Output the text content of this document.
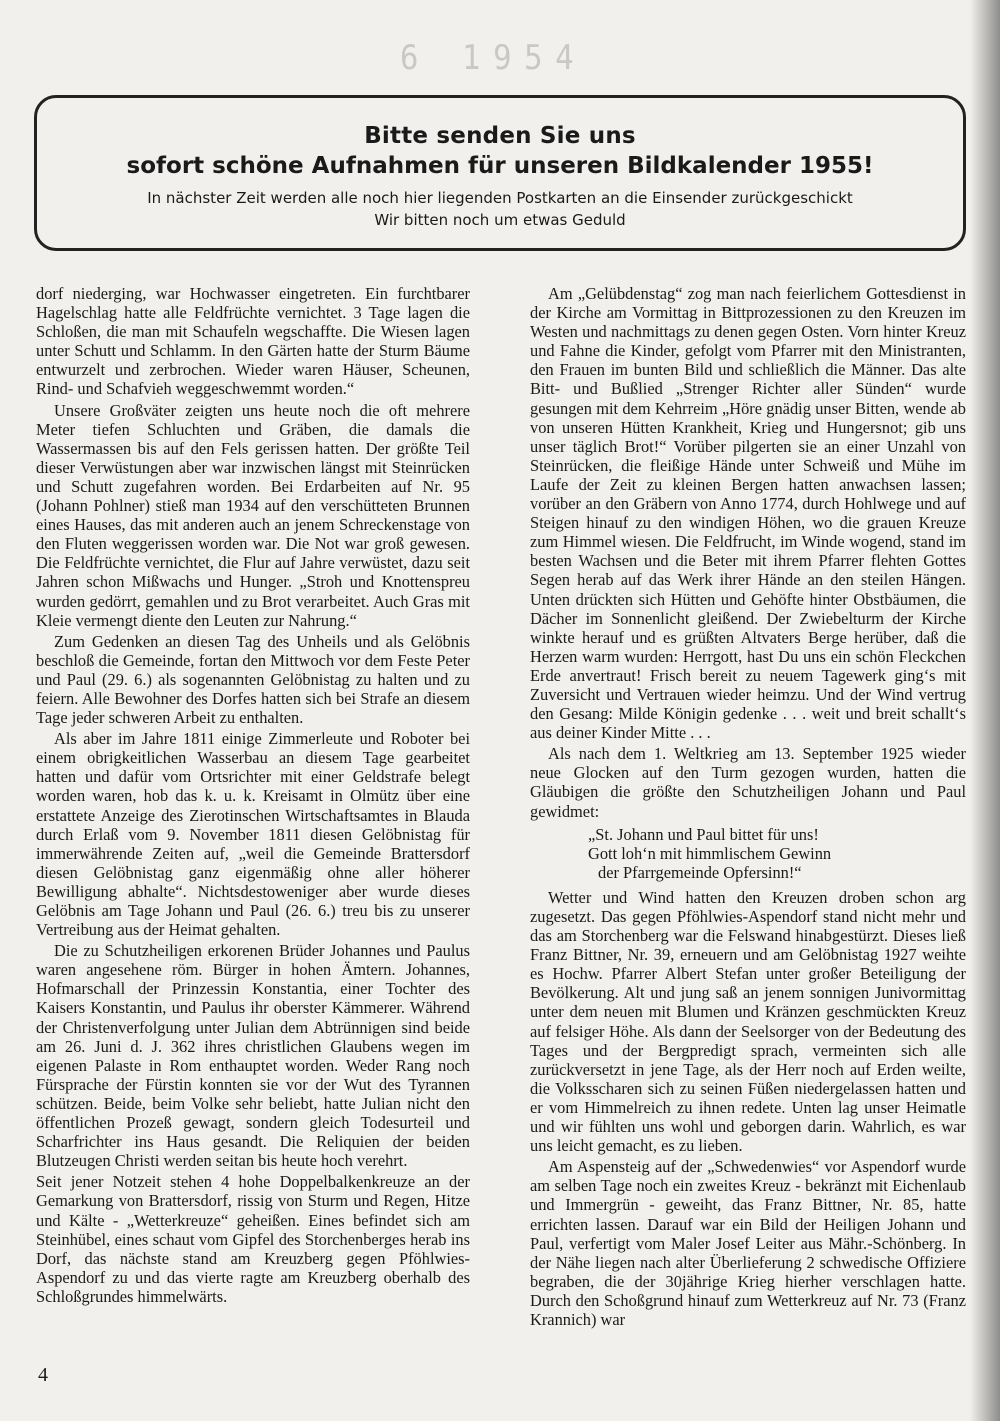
6 1954

Bitte senden Sie uns

sofort schöne Aufnahmen für unseren Bildkalender 1955!

In nächster Zeit werden alle noch hier liegenden Postkarten an die Einsender zurückgeschickt

Wir bitten noch um etwas Geduld

dorf niederging, war Hochwasser eingetreten. Ein furchtbarer Hagelschlag hatte alle Feldfrüchte vernichtet. 3 Tage lagen die Schloßen, die man mit Schaufeln wegschaffte. Die Wiesen lagen unter Schutt und Schlamm. In den Gärten hatte der Sturm Bäume entwurzelt und zerbrochen. Wieder waren Häuser, Scheunen, Rind- und Schafvieh weggeschwemmt worden.“

Unsere Großväter zeigten uns heute noch die oft mehrere Meter tiefen Schluchten und Gräben, die damals die Wassermassen bis auf den Fels gerissen hatten. Der größte Teil dieser Verwüstungen aber war inzwischen längst mit Steinrücken und Schutt zugefahren worden. Bei Erdarbeiten auf Nr. 95 (Johann Pohlner) stieß man 1934 auf den verschütteten Brunnen eines Hauses, das mit anderen auch an jenem Schreckenstage von den Fluten weggerissen worden war. Die Not war groß gewesen. Die Feldfrüchte vernichtet, die Flur auf Jahre verwüstet, dazu seit Jahren schon Mißwachs und Hunger. „Stroh und Knottenspreu wurden gedörrt, gemahlen und zu Brot verarbeitet. Auch Gras mit Kleie vermengt diente den Leuten zur Nahrung.“

Zum Gedenken an diesen Tag des Unheils und als Gelöbnis beschloß die Gemeinde, fortan den Mittwoch vor dem Feste Peter und Paul (29. 6.) als sogenannten Gelöbnistag zu halten und zu feiern. Alle Bewohner des Dorfes hatten sich bei Strafe an diesem Tage jeder schweren Arbeit zu enthalten.

Als aber im Jahre 1811 einige Zimmerleute und Roboter bei einem obrigkeitlichen Wasserbau an diesem Tage gearbeitet hatten und dafür vom Ortsrichter mit einer Geldstrafe belegt worden waren, hob das k. u. k. Kreisamt in Olmütz über eine erstattete Anzeige des Zierotinschen Wirtschaftsamtes in Blauda durch Erlaß vom 9. November 1811 diesen Gelöbnistag für immerwährende Zeiten auf, „weil die Gemeinde Brattersdorf diesen Gelöbnistag ganz eigenmäßig ohne aller höherer Bewilligung abhalte“. Nichtsdestoweniger aber wurde dieses Gelöbnis am Tage Johann und Paul (26. 6.) treu bis zu unserer Vertreibung aus der Heimat gehalten.

Die zu Schutzheiligen erkorenen Brüder Johannes und Paulus waren angesehene röm. Bürger in hohen Ämtern. Johannes, Hofmarschall der Prinzessin Konstantia, einer Tochter des Kaisers Konstantin, und Paulus ihr oberster Kämmerer. Während der Christenverfolgung unter Julian dem Abtrünnigen sind beide am 26. Juni d. J. 362 ihres christlichen Glaubens wegen im eigenen Palaste in Rom enthauptet worden. Weder Rang noch Fürsprache der Fürstin konnten sie vor der Wut des Tyrannen schützen. Beide, beim Volke sehr beliebt, hatte Julian nicht den öffentlichen Prozeß gewagt, sondern gleich Todesurteil und Scharfrichter ins Haus gesandt. Die Reliquien der beiden Blutzeugen Christi werden seitan bis heute hoch verehrt.

Seit jener Notzeit stehen 4 hohe Doppelbalkenkreuze an der Gemarkung von Brattersdorf, rissig von Sturm und Regen, Hitze und Kälte - „Wetterkreuze“ geheißen. Eines befindet sich am Steinhübel, eines schaut vom Gipfel des Storchenberges herab ins Dorf, das nächste stand am Kreuzberg gegen Pföhlwies-Aspendorf zu und das vierte ragte am Kreuzberg oberhalb des Schloßgrundes himmelwärts.

Am „Gelübdenstag“ zog man nach feierlichem Gottesdienst in der Kirche am Vormittag in Bittprozessionen zu den Kreuzen im Westen und nachmittags zu denen gegen Osten. Vorn hinter Kreuz und Fahne die Kinder, gefolgt vom Pfarrer mit den Ministranten, den Frauen im bunten Bild und schließlich die Männer. Das alte Bitt- und Bußlied „Strenger Richter aller Sünden“ wurde gesungen mit dem Kehrreim „Höre gnädig unser Bitten, wende ab von unseren Hütten Krankheit, Krieg und Hungersnot; gib uns unser täglich Brot!“ Vorüber pilgerten sie an einer Unzahl von Steinrücken, die fleißige Hände unter Schweiß und Mühe im Laufe der Zeit zu kleinen Bergen hatten anwachsen lassen; vorüber an den Gräbern von Anno 1774, durch Hohlwege und auf Steigen hinauf zu den windigen Höhen, wo die grauen Kreuze zum Himmel wiesen. Die Feldfrucht, im Winde wogend, stand im besten Wachsen und die Beter mit ihrem Pfarrer flehten Gottes Segen herab auf das Werk ihrer Hände an den steilen Hängen. Unten drückten sich Hütten und Gehöfte hinter Obstbäumen, die Dächer im Sonnenlicht gleißend. Der Zwiebelturm der Kirche winkte herauf und es grüßten Altvaters Berge herüber, daß die Herzen warm wurden: Herrgott, hast Du uns ein schön Fleckchen Erde anvertraut! Frisch bereit zu neuem Tagewerk ging‘s mit Zuversicht und Vertrauen wieder heimzu. Und der Wind vertrug den Gesang: Milde Königin gedenke . . . weit und breit schallt‘s aus deiner Kinder Mitte . . .

Als nach dem 1. Weltkrieg am 13. September 1925 wieder neue Glocken auf den Turm gezogen wurden, hatten die Gläubigen die größte den Schutzheiligen Johann und Paul gewidmet:

„St. Johann und Paul bittet für uns!
Gott loh‘n mit himmlischem Gewinn
der Pfarrgemeinde Opfersinn!“

Wetter und Wind hatten den Kreuzen droben schon arg zugesetzt. Das gegen Pföhlwies-Aspendorf stand nicht mehr und das am Storchenberg war die Felswand hinabgestürzt. Dieses ließ Franz Bittner, Nr. 39, erneuern und am Gelöbnistag 1927 weihte es Hochw. Pfarrer Albert Stefan unter großer Beteiligung der Bevölkerung. Alt und jung saß an jenem sonnigen Junivormittag unter dem neuen mit Blumen und Kränzen geschmückten Kreuz auf felsiger Höhe. Als dann der Seelsorger von der Bedeutung des Tages und der Bergpredigt sprach, vermeinten sich alle zurückversetzt in jene Tage, als der Herr noch auf Erden weilte, die Volksscharen sich zu seinen Füßen niedergelassen hatten und er vom Himmelreich zu ihnen redete. Unten lag unser Heimatle und wir fühlten uns wohl und geborgen darin. Wahrlich, es war uns leicht gemacht, es zu lieben.

Am Aspensteig auf der „Schwedenwies“ vor Aspendorf wurde am selben Tage noch ein zweites Kreuz - bekränzt mit Eichenlaub und Immergrün - geweiht, das Franz Bittner, Nr. 85, hatte errichten lassen. Darauf war ein Bild der Heiligen Johann und Paul, verfertigt vom Maler Josef Leiter aus Mähr.-Schönberg. In der Nähe liegen nach alter Überlieferung 2 schwedische Offiziere begraben, die der 30jährige Krieg hierher verschlagen hatte. Durch den Schoßgrund hinauf zum Wetterkreuz auf Nr. 73 (Franz Krannich) war

4
